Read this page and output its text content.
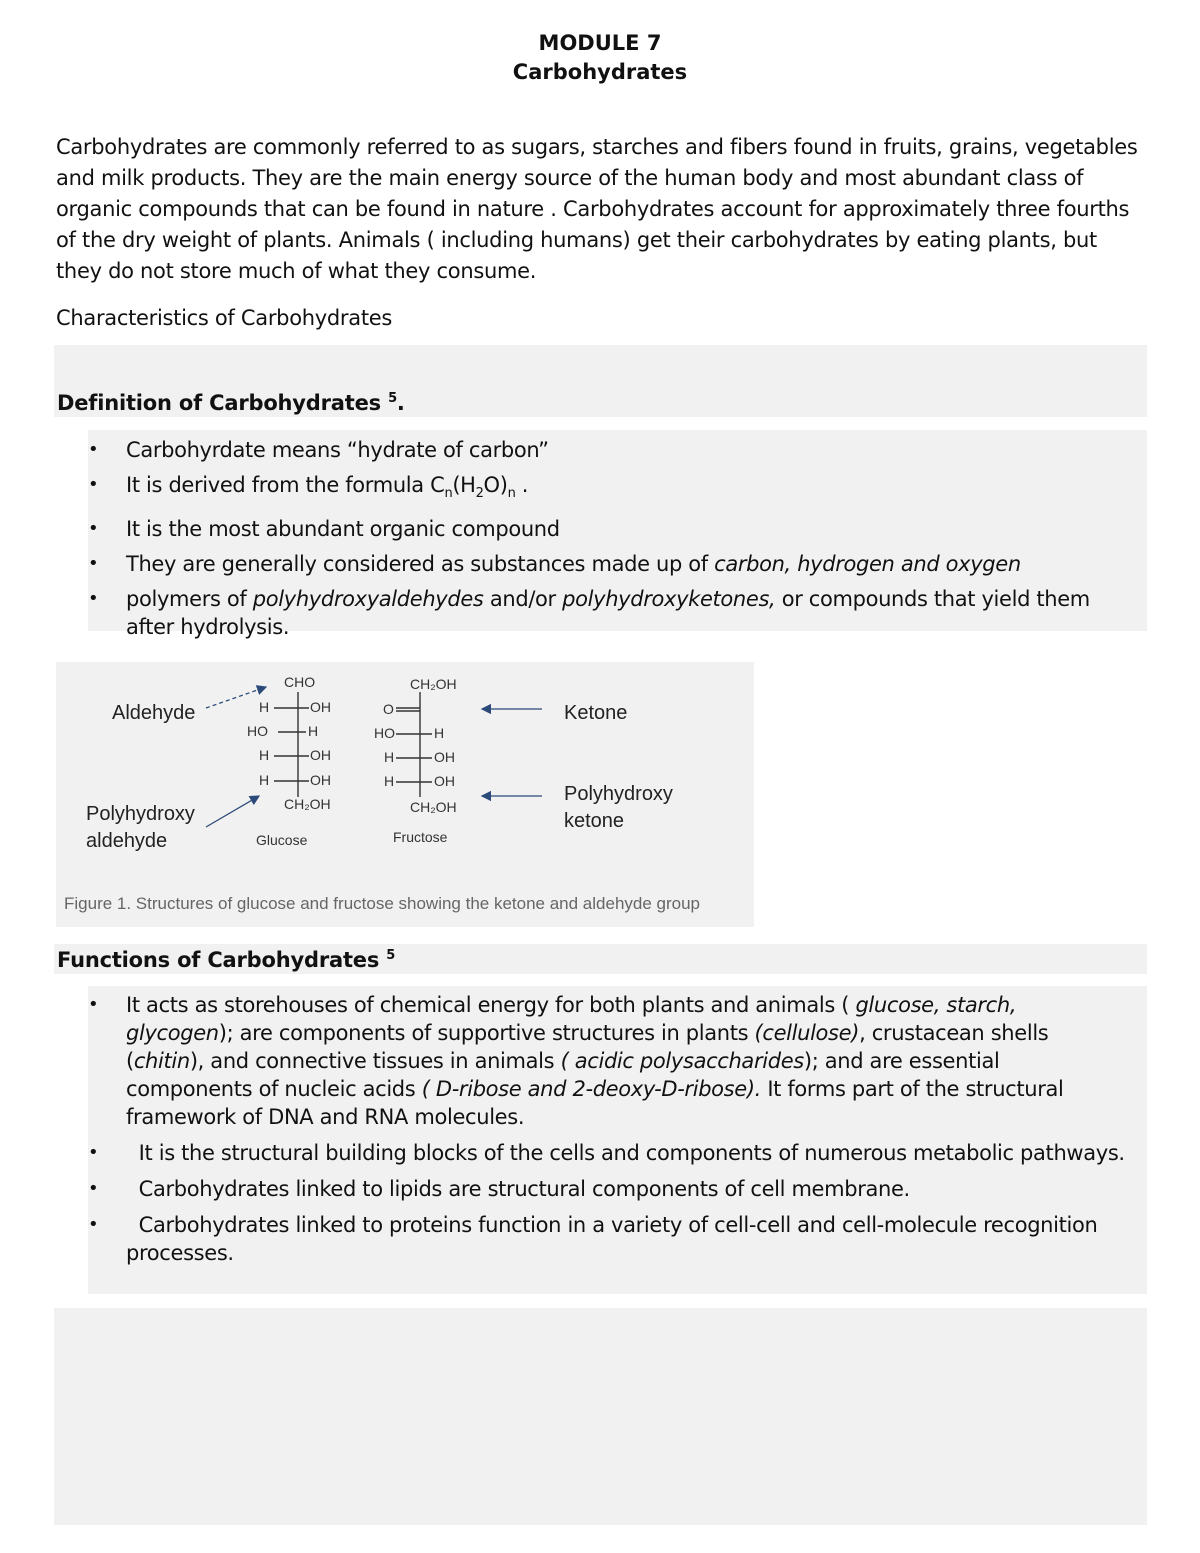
MODULE 7
Carbohydrates

Carbohydrates are commonly referred to as sugars, starches and fibers found in fruits, grains, vegetables and milk products. They are the main energy source of the human body and most abundant class of organic compounds that can be found in nature . Carbohydrates account for approximately three fourths of the dry weight of plants. Animals ( including humans) get their carbohydrates by eating plants, but they do not store much of what they consume.

Characteristics of Carbohydrates
Definition of Carbohydrates $^5$.
• Carbohyrdate means “hydrate of carbon”
• It is derived from the formula $C_n(H_2O)_n$ .
• It is the most abundant organic compound
• They are generally considered as substances made up of carbon, hydrogen and oxygen
• polymers of polyhydroxyaldehydes and/or polyhydroxyketones, or compounds that yield them after hydrolysis.
Aldehyde
Polyhydroxy
aldehyde
Ketone
Polyhydroxy
ketone
CHO
H	OH
HO	H
H	OH
H	OH
CH₂OH
Glucose
CH₂OH
O
HO	H
H	OH
H	OH
CH₂OH
Fructose
Figure 1. Structures of glucose and fructose showing the ketone and aldehyde group
Functions of Carbohydrates $^5$
• It acts as storehouses of chemical energy for both plants and animals ( glucose, starch, glycogen); are components of supportive structures in plants (cellulose), crustacean shells (chitin), and connective tissues in animals ( acidic polysaccharides); and are essential components of nucleic acids ( D-ribose and 2-deoxy-D-ribose). It forms part of the structural framework of DNA and RNA molecules.
•   It is the structural building blocks of the cells and components of numerous metabolic pathways.
•   Carbohydrates linked to lipids are structural components of cell membrane.
•   Carbohydrates linked to proteins function in a variety of cell-cell and cell-molecule recognition processes.
